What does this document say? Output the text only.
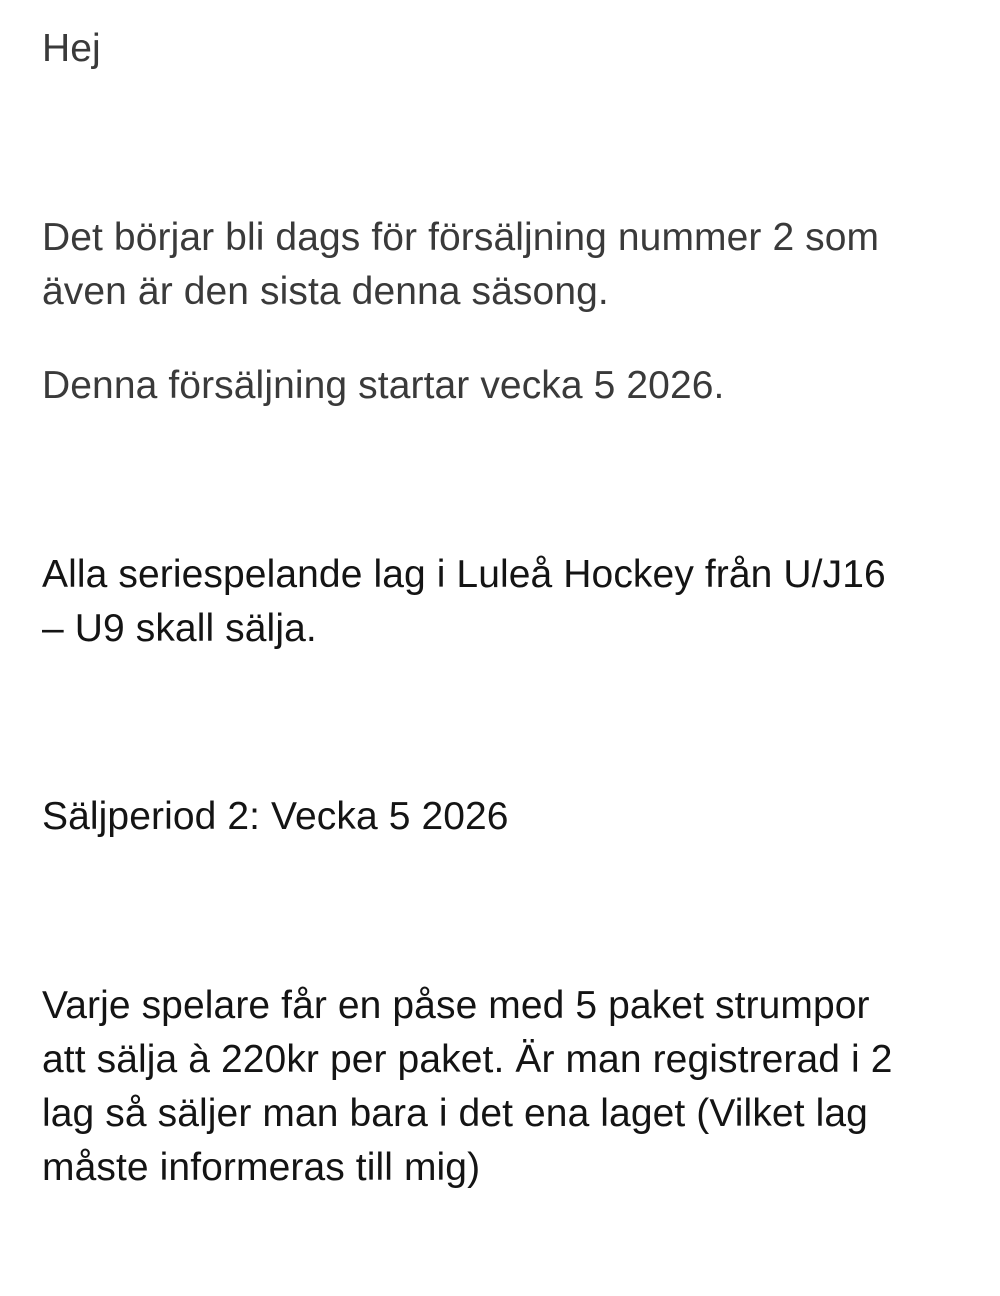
Hej

Det börjar bli dags för försäljning nummer 2 som
även är den sista denna säsong.

Denna försäljning startar vecka 5 2026.

Alla seriespelande lag i Luleå Hockey från U/J16
– U9 skall sälja.

Säljperiod 2: Vecka 5 2026

Varje spelare får en påse med 5 paket strumpor
att sälja à 220kr per paket. Är man registrerad i 2
lag så säljer man bara i det ena laget (Vilket lag
måste informeras till mig)
